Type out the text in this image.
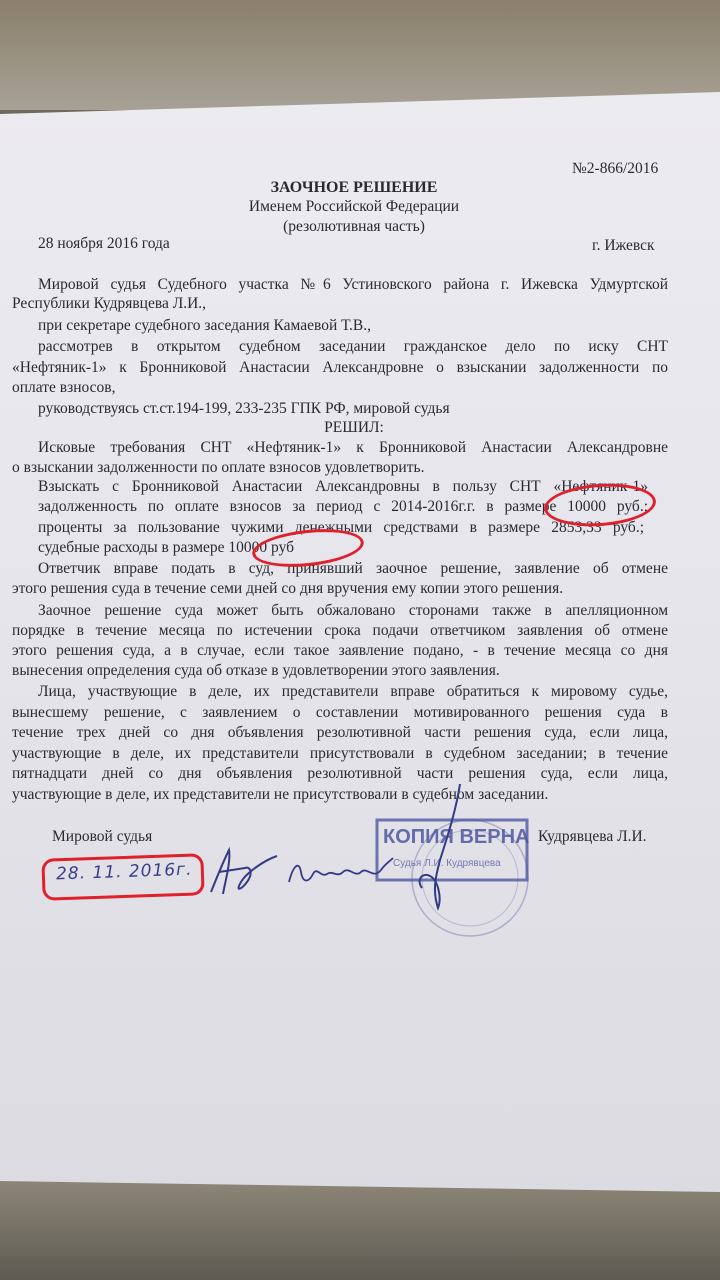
№2-866/2016
ЗАОЧНОЕ РЕШЕНИЕ
Именем Российской Федерации
(резолютивная часть)
28 ноября 2016 года	г. Ижевск
Мировой судья Судебного участка №6 Устиновского района г. Ижевска Удмуртской
Республики Кудрявцева Л.И.,
при секретаре судебного заседания Камаевой Т.В.,
рассмотрев в открытом судебном заседании гражданское дело по иску СНТ
«Нефтяник-1» к Бронниковой Анастасии Александровне о взыскании задолженности по
оплате взносов,
руководствуясь ст.ст.194-199, 233-235 ГПК РФ, мировой судья
РЕШИЛ:
Исковые требования СНТ «Нефтяник-1» к Бронниковой Анастасии Александровне
о взыскании задолженности по оплате взносов удовлетворить.
Взыскать с Бронниковой Анастасии Александровны в пользу СНТ «Нефтяник-1»
задолженность по оплате взносов за период с 2014-2016г.г. в размере 10000 руб.;
проценты за пользование чужими денежными средствами в размере 2853,33 руб.;
судебные расходы в размере 10000 руб
Ответчик вправе подать в суд, принявший заочное решение, заявление об отмене
этого решения суда в течение семи дней со дня вручения ему копии этого решения.
Заочное решение суда может быть обжаловано сторонами также в апелляционном
порядке в течение месяца по истечении срока подачи ответчиком заявления об отмене
этого решения суда, а в случае, если такое заявление подано, - в течение месяца со дня
вынесения определения суда об отказе в удовлетворении этого заявления.
Лица, участвующие в деле, их представители вправе обратиться к мировому судье,
вынесшему решение, с заявлением о составлении мотивированного решения суда в
течение трех дней со дня объявления резолютивной части решения суда, если лица,
участвующие в деле, их представители присутствовали в судебном заседании; в течение
пятнадцати дней со дня объявления резолютивной части решения суда, если лица,
участвующие в деле, их представители не присутствовали в судебном заседании.
Мировой судья	Кудрявцева Л.И.
КОПИЯ ВЕРНА
Судья Л.И. Кудрявцева
28. 11. 2016г.
